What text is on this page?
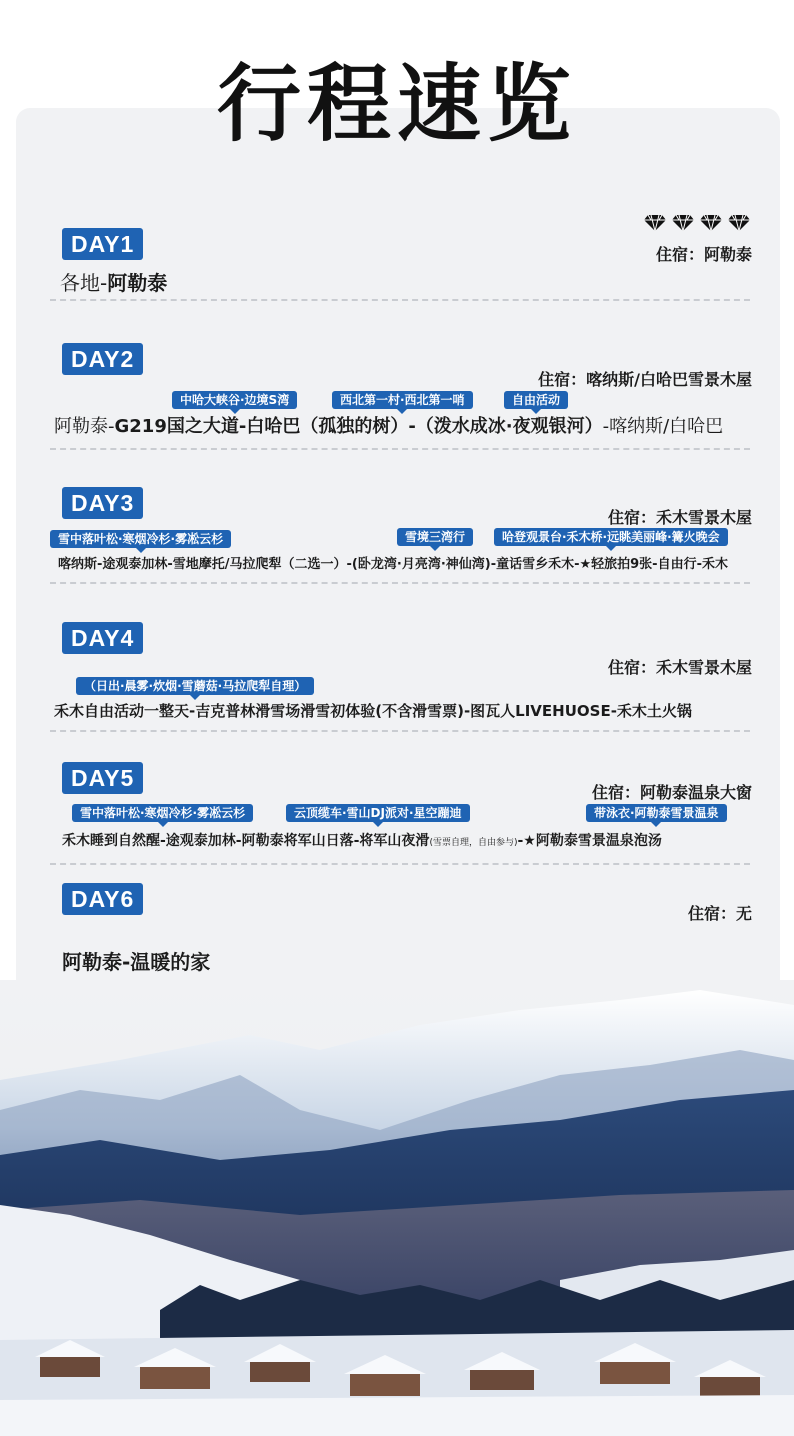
行程速览
DAY1	住宿：阿勒泰
各地-阿勒泰
DAY2
住宿：喀纳斯/白哈巴雪景木屋
中哈大峡谷·边境S湾	西北第一村·西北第一哨	自由活动
阿勒泰-G219国之大道-白哈巴（孤独的树）-（泼水成冰·夜观银河）-喀纳斯/白哈巴
DAY3
住宿：禾木雪景木屋
雪中落叶松·寒烟冷杉·雾凇云杉	雪境三湾行	哈登观景台·禾木桥·远眺美丽峰·篝火晚会
喀纳斯-途观泰加林-雪地摩托/马拉爬犁（二选一）-(卧龙湾·月亮湾·神仙湾)-童话雪乡禾木-★轻旅拍9张-自由行-禾木
DAY4
住宿：禾木雪景木屋
（日出·晨雾·炊烟·雪蘑菇·马拉爬犁自理）
禾木自由活动一整天-吉克普林滑雪场滑雪初体验(不含滑雪票)-图瓦人LIVEHUOSE-禾木土火锅
DAY5
住宿：阿勒泰温泉大窗
雪中落叶松·寒烟冷杉·雾凇云杉	云顶缆车·雪山DJ派对·星空蹦迪	带泳衣·阿勒泰雪景温泉
禾木睡到自然醒-途观泰加林-阿勒泰将军山日落-将军山夜滑(雪票自理，自由参与)-★阿勒泰雪景温泉泡汤
DAY6
住宿：无
阿勒泰-温暖的家
